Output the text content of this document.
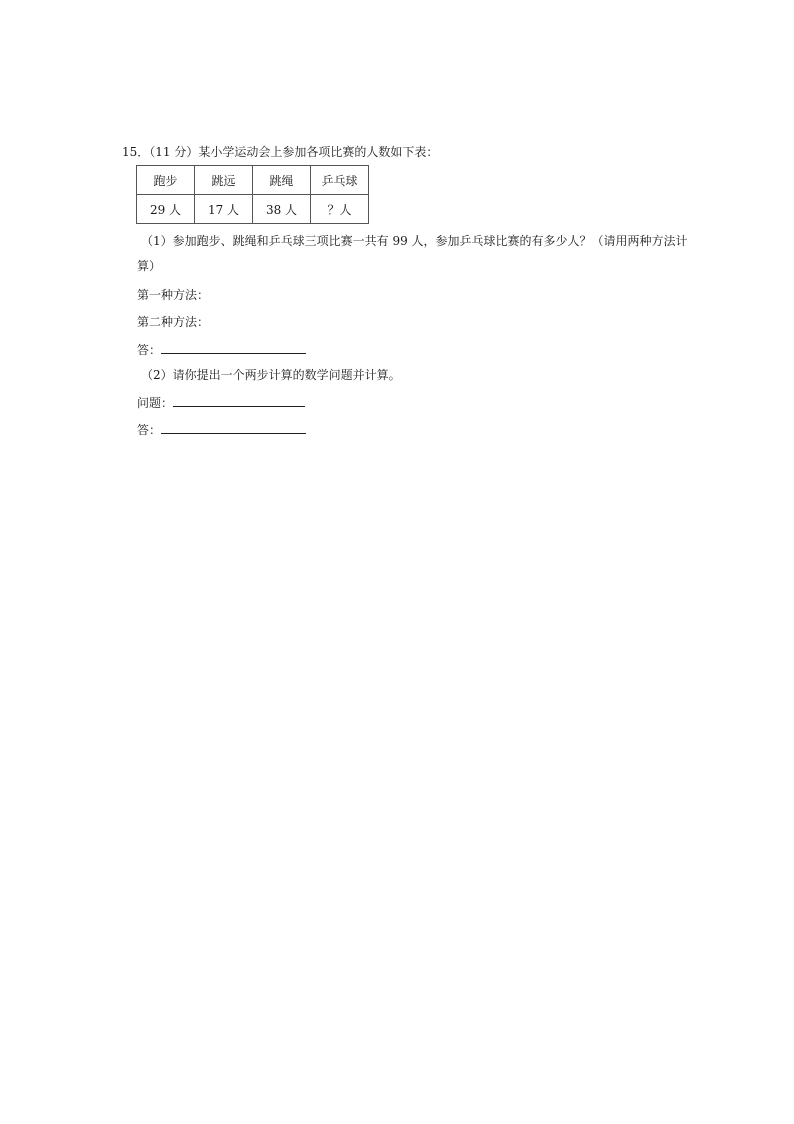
15．（11 分）某小学运动会上参加各项比赛的人数如下表：
跑步	跳远	跳绳	乒乓球
29 人	17 人	38 人	？人
（1）参加跑步、跳绳和乒乓球三项比赛一共有 99 人，参加乒乓球比赛的有多少人？（请用两种方法计
算）
第一种方法：
第二种方法：
答：
（2）请你提出一个两步计算的数学问题并计算。
问题：
答：
